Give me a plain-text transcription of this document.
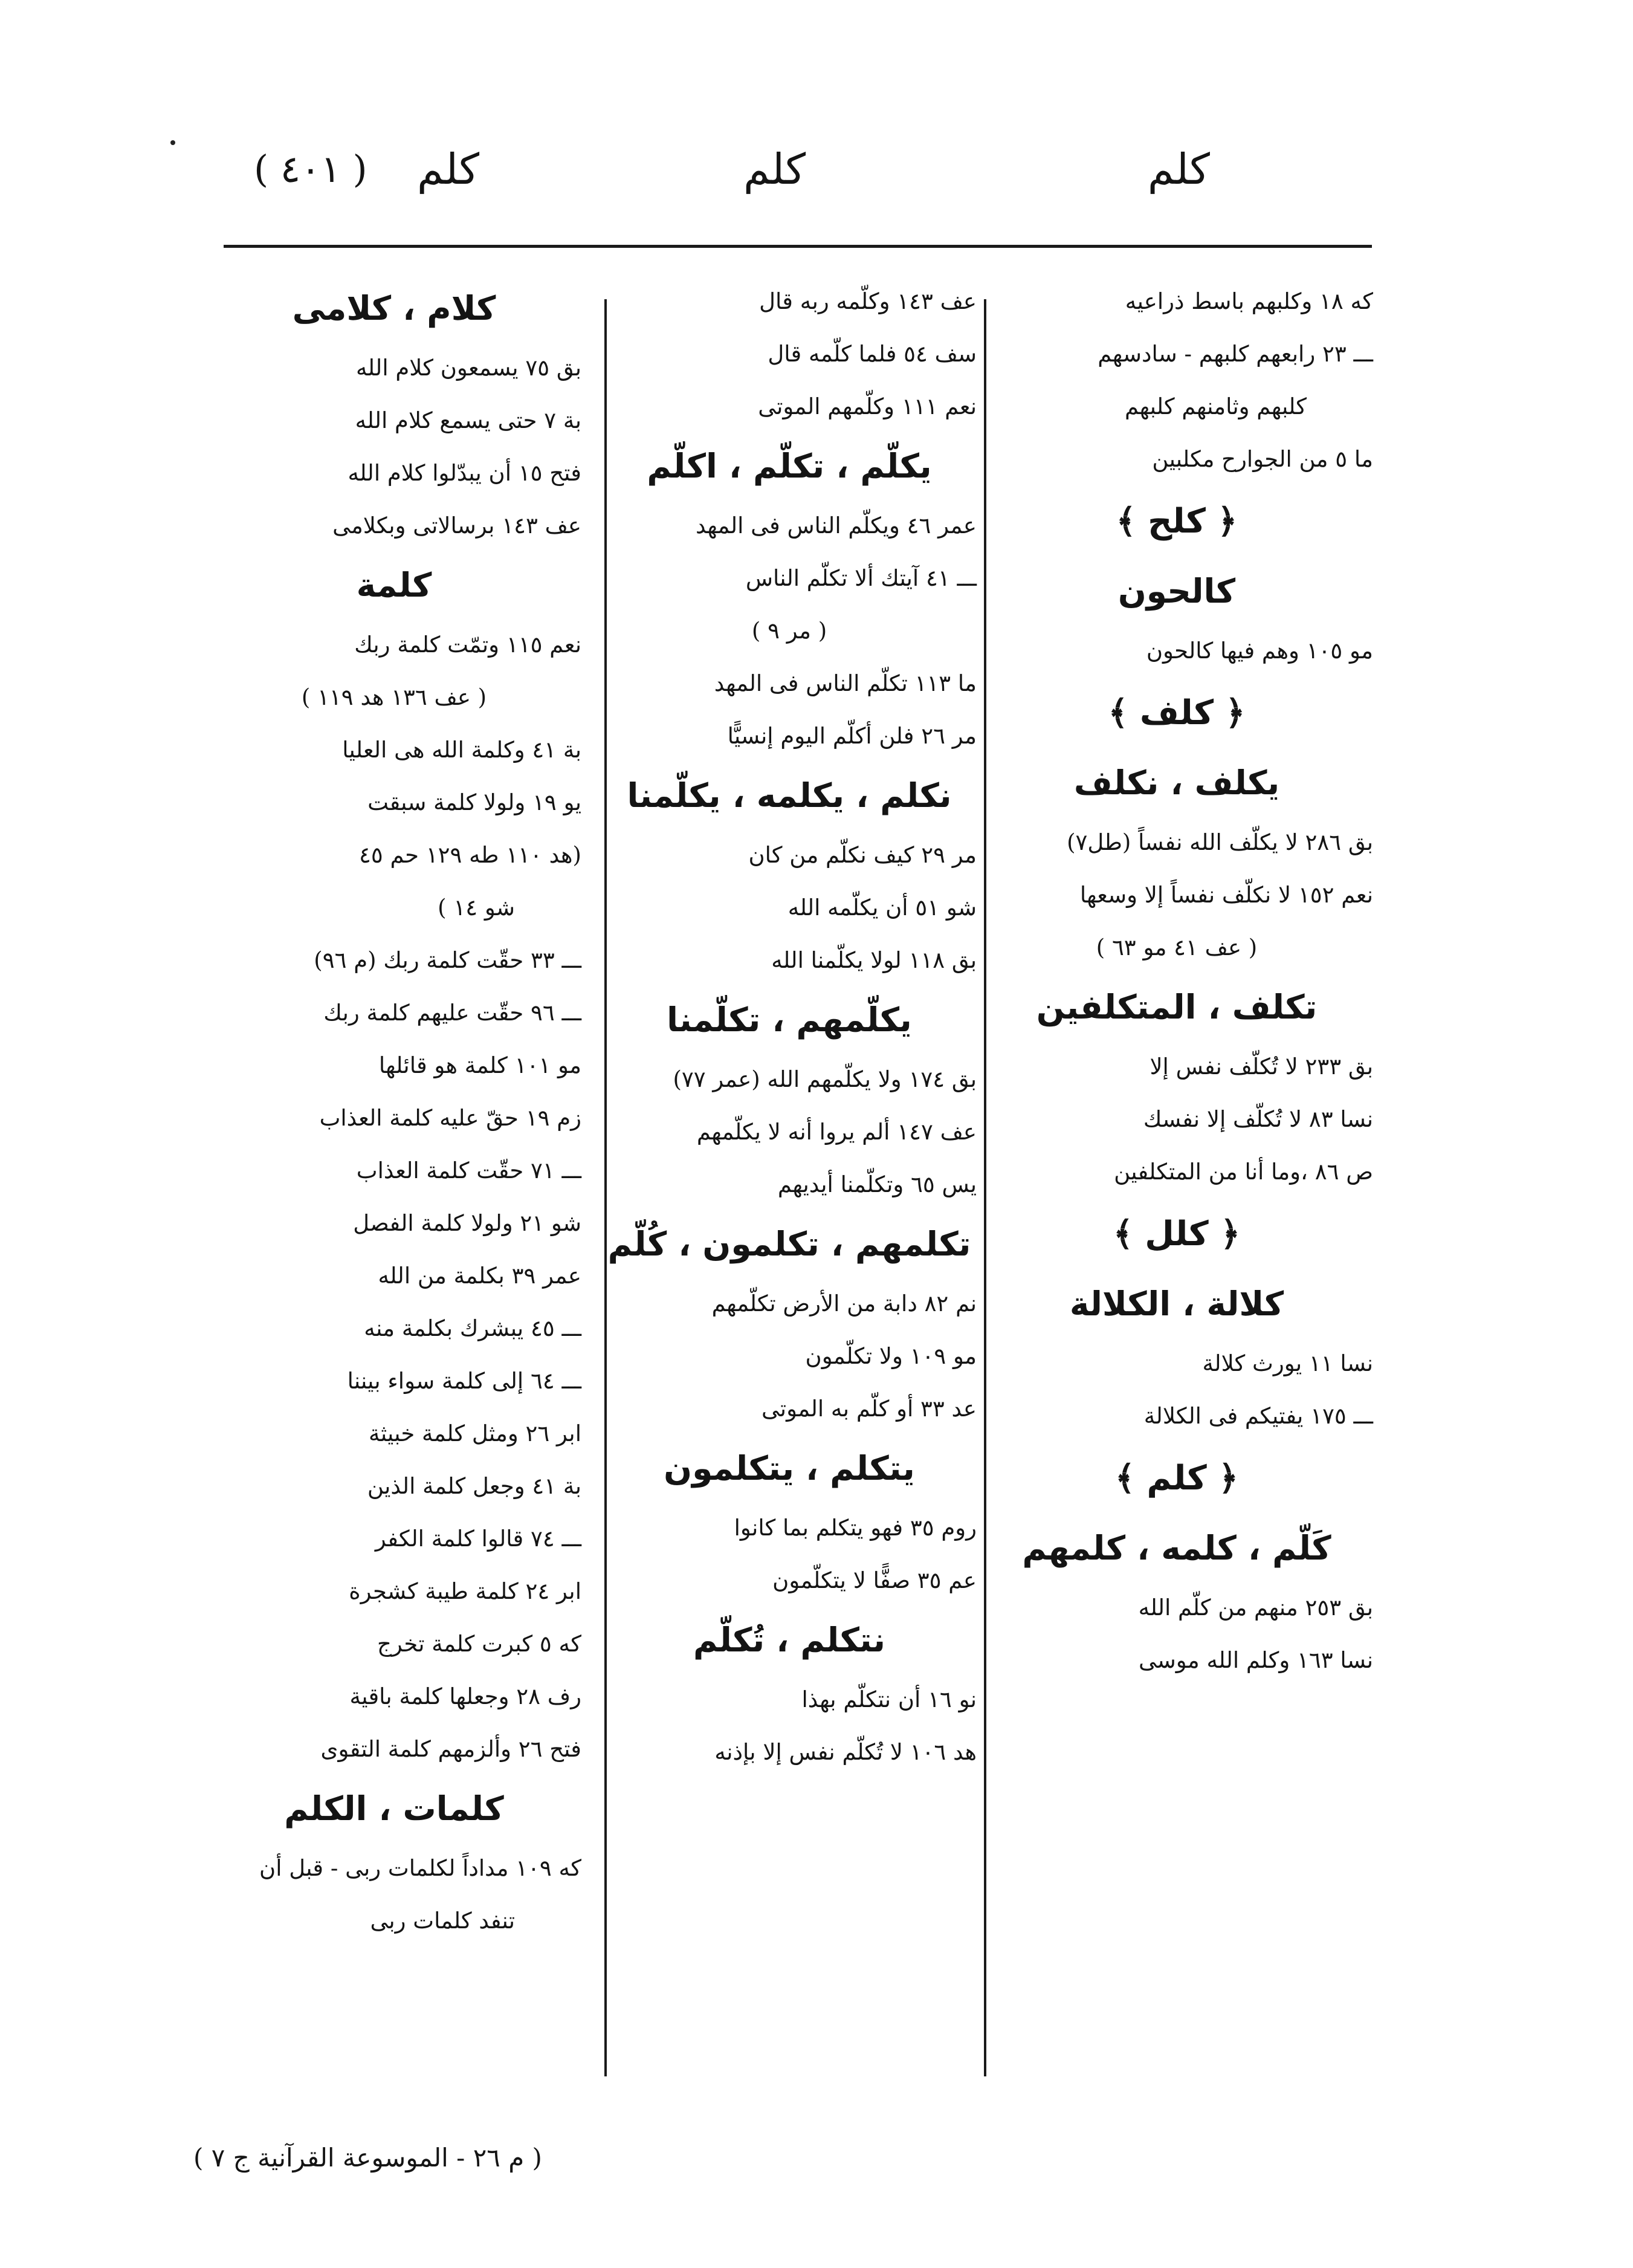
كلم
كلم
كلم
( ٤٠١ )
كه ١٨ وكلبهم باسط ذراعيه
ـــ ٢٣ رابعهم كلبهم - سادسهم
كلبهم وثامنهم كلبهم
ما ٥ من الجوارح مكلبين
﴿ كلح ﴾
كالحون
مو ١٠٥ وهم فيها كالحون
﴿ كلف ﴾
يكلف ، نكلف
بق ٢٨٦ لا يكلّف الله نفساً (طل٧)
نعم ١٥٢ لا نكلّف نفساً إلا وسعها
( عف ٤١ مو ٦٣ )
تكلف ، المتكلفين
بق ٢٣٣ لا تُكلّف نفس إلا
نسا ٨٣ لا تُكلّف إلا نفسك
ص ٨٦ ،وما أنا من المتكلفين
﴿ كلل ﴾
كلالة ، الكلالة
نسا ١١ يورث كلالة
ـــ ١٧٥ يفتيكم فى الكلالة
﴿ كلم ﴾
كَلّم ، كلمه ، كلمهم
بق ٢٥٣ منهم من كلّم الله
نسا ١٦٣ وكلم الله موسى
عف ١٤٣ وكلّمه ربه قال
سف ٥٤ فلما كلّمه قال
نعم ١١١ وكلّمهم الموتى
يكلّم ، تكلّم ، اكلّم
عمر ٤٦ ويكلّم الناس فى المهد
ـــ ٤١ آيتك ألا تكلّم الناس
( مر ٩ )
ما ١١٣ تكلّم الناس فى المهد
مر ٢٦ فلن أكلّم اليوم إنسيًّا
نكلم ، يكلمه ، يكلّمنا
مر ٢٩ كيف نكلّم من كان
شو ٥١ أن يكلّمه الله
بق ١١٨ لولا يكلّمنا الله
يكلّمهم ، تكلّمنا
بق ١٧٤ ولا يكلّمهم الله (عمر ٧٧)
عف ١٤٧ ألم يروا أنه لا يكلّمهم
يس ٦٥ وتكلّمنا أيديهم
تكلمهم ، تكلمون ، كُلّم
نم ٨٢ دابة من الأرض تكلّمهم
مو ١٠٩ ولا تكلّمون
عد ٣٣ أو كلّم به الموتى
يتكلم ، يتكلمون
روم ٣٥ فهو يتكلم بما كانوا
عم ٣٥ صفًّا لا يتكلّمون
نتكلم ، تُكلّم
نو ١٦ أن نتكلّم بهذا
هد ١٠٦ لا تُكلّم نفس إلا بإذنه
كلام ، كلامى
بق ٧٥ يسمعون كلام الله
بة ٧ حتى يسمع كلام الله
فتح ١٥ أن يبدّلوا كلام الله
عف ١٤٣ برسالاتى وبكلامى
كلمة
نعم ١١٥ وتمّت كلمة ربك
( عف ١٣٦ هد ١١٩ )
بة ٤١ وكلمة الله هى العليا
يو ١٩ ولولا كلمة سبقت
(هد ١١٠ طه ١٢٩ حم ٤٥
شو ١٤ )
ـــ ٣٣ حقّت كلمة ربك (م ٩٦)
ـــ ٩٦ حقّت عليهم كلمة ربك
مو ١٠١ كلمة هو قائلها
زم ١٩ حقّ عليه كلمة العذاب
ـــ ٧١ حقّت كلمة العذاب
شو ٢١ ولولا كلمة الفصل
عمر ٣٩ بكلمة من الله
ـــ ٤٥ يبشرك بكلمة منه
ـــ ٦٤ إلى كلمة سواء بيننا
ابر ٢٦ ومثل كلمة خبيثة
بة ٤١ وجعل كلمة الذين
ـــ ٧٤ قالوا كلمة الكفر
ابر ٢٤ كلمة طيبة كشجرة
كه ٥ كبرت كلمة تخرج
رف ٢٨ وجعلها كلمة باقية
فتح ٢٦ وألزمهم كلمة التقوى
كلمات ، الكلم
كه ١٠٩ مداداً لكلمات ربى - قبل أن
تنفد كلمات ربى
( م ٢٦ - الموسوعة القرآنية ج ٧ )
